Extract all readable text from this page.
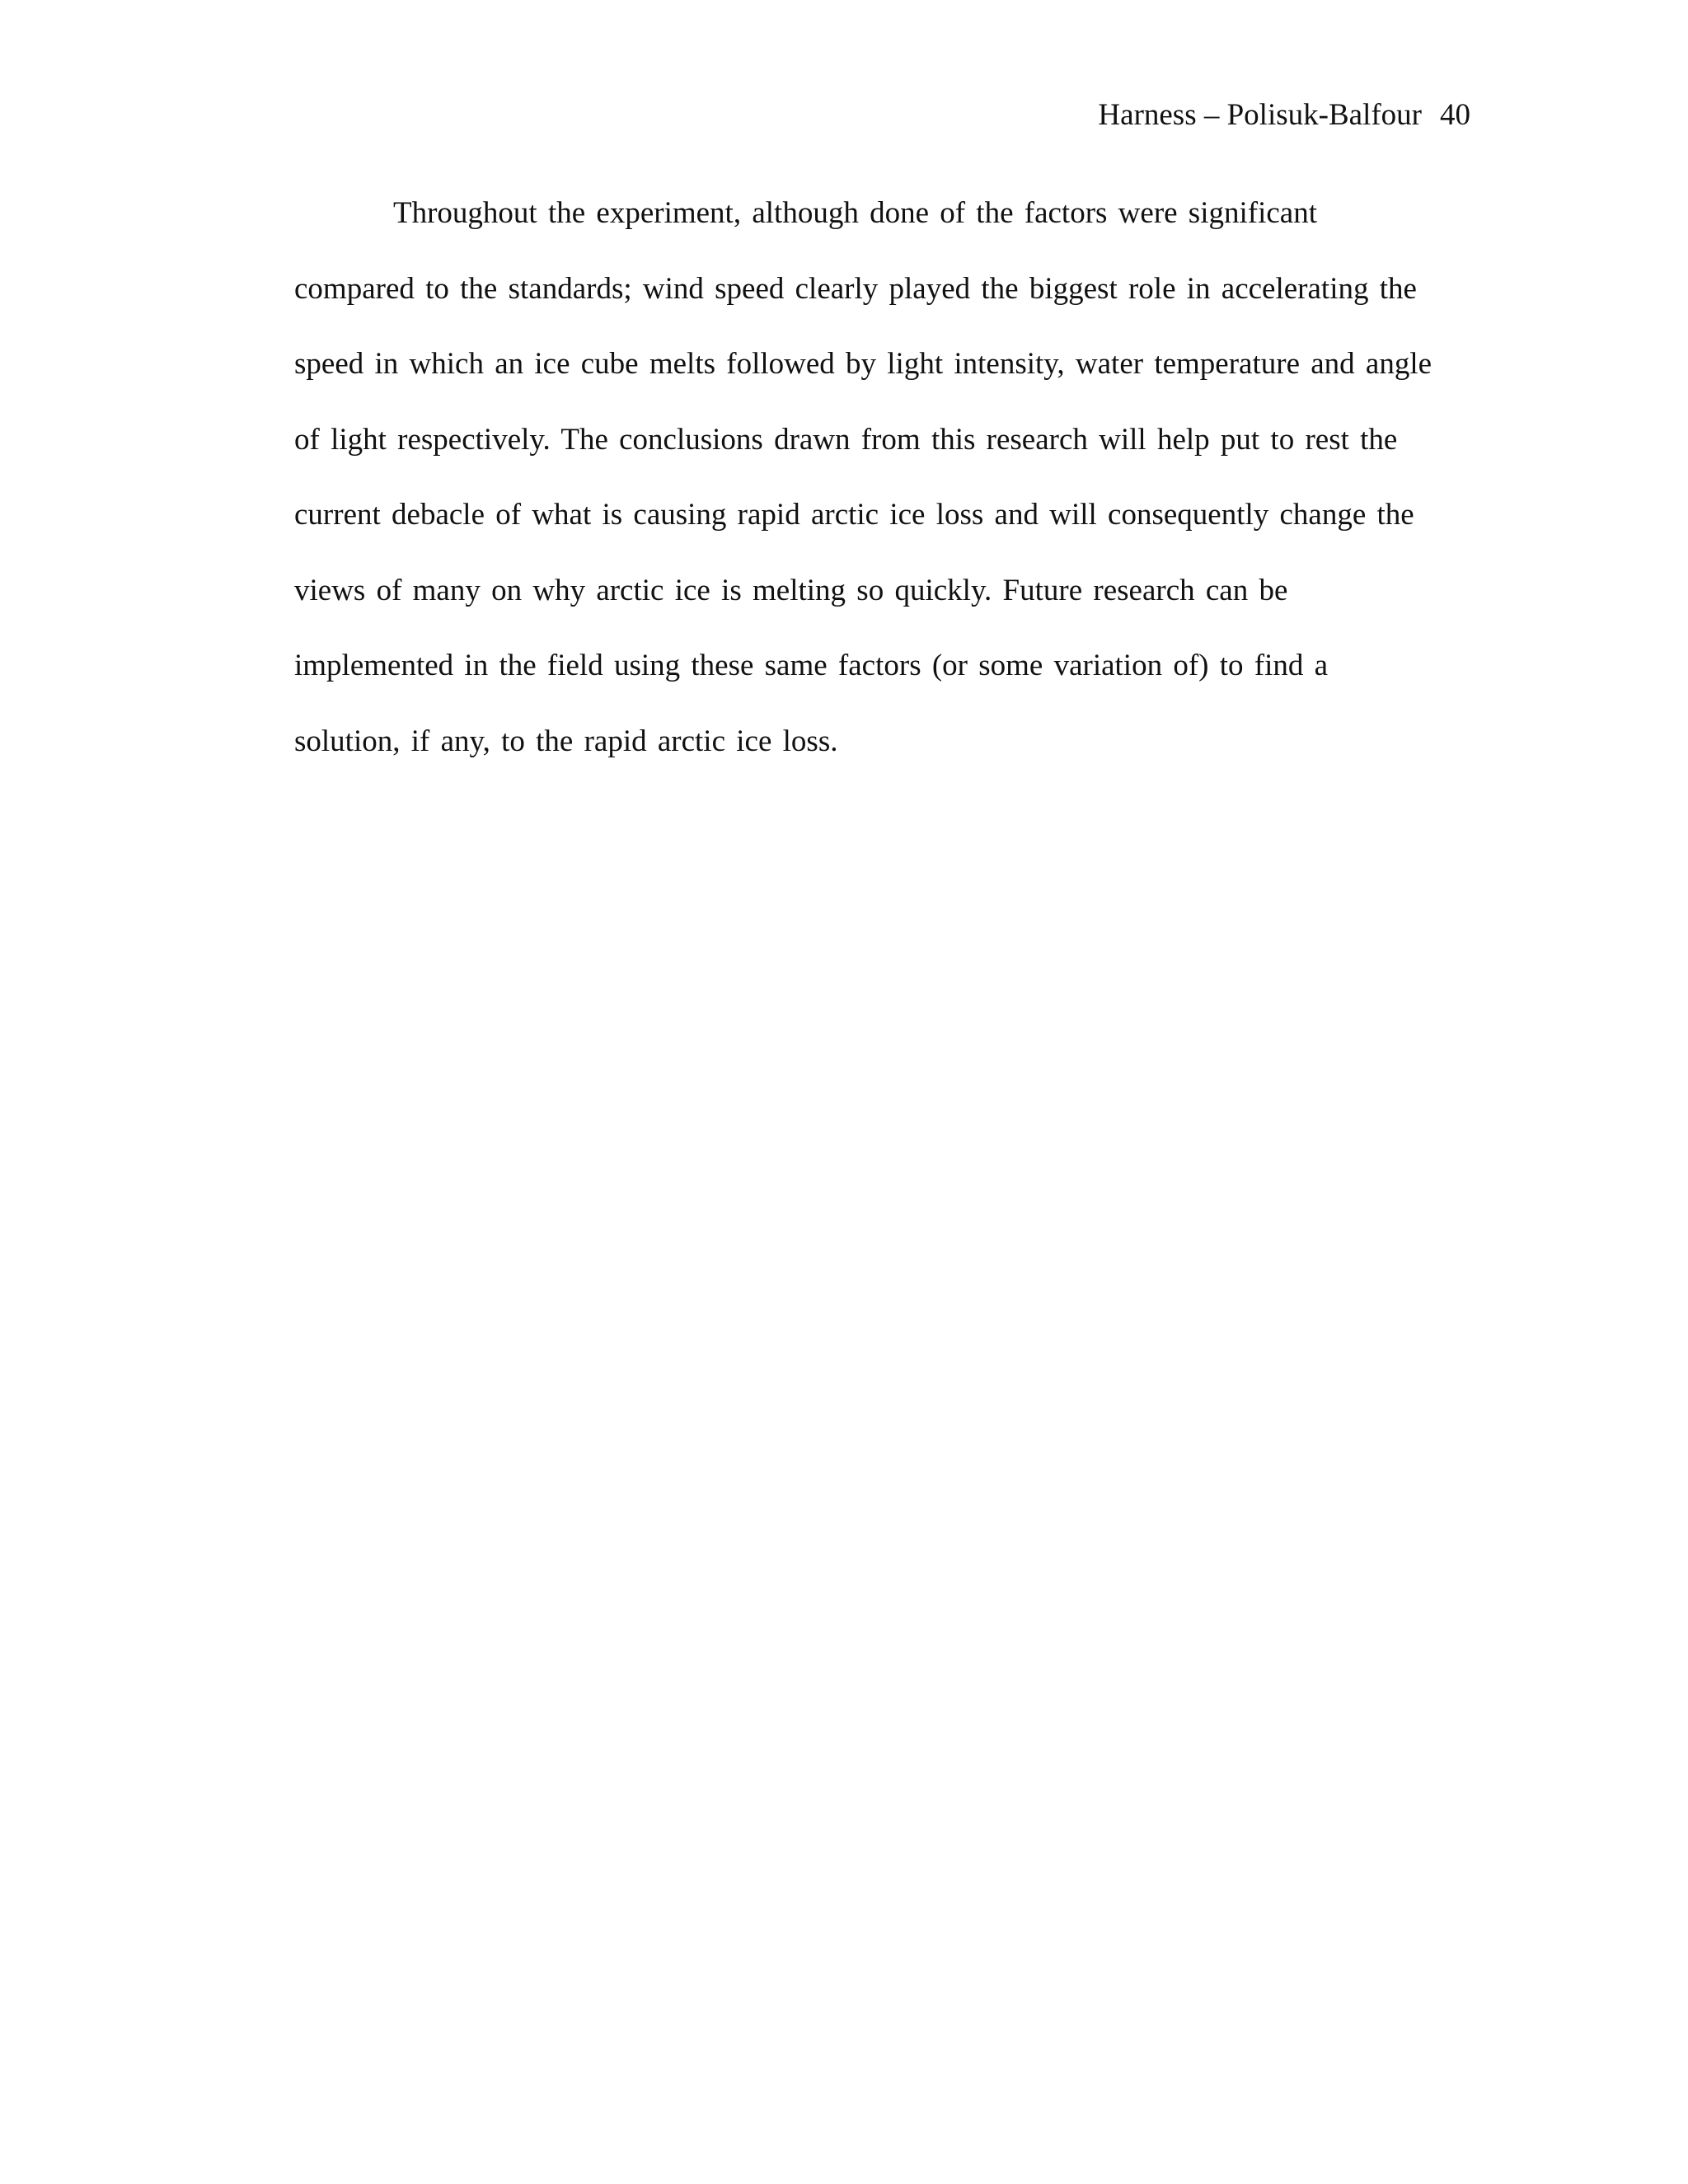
Harness – Polisuk-Balfour 40
Throughout the experiment, although done of the factors were significant
compared to the standards; wind speed clearly played the biggest role in accelerating the
speed in which an ice cube melts followed by light intensity, water temperature and angle
of light respectively. The conclusions drawn from this research will help put to rest the
current debacle of what is causing rapid arctic ice loss and will consequently change the
views of many on why arctic ice is melting so quickly. Future research can be
implemented in the field using these same factors (or some variation of) to find a
solution, if any, to the rapid arctic ice loss.
